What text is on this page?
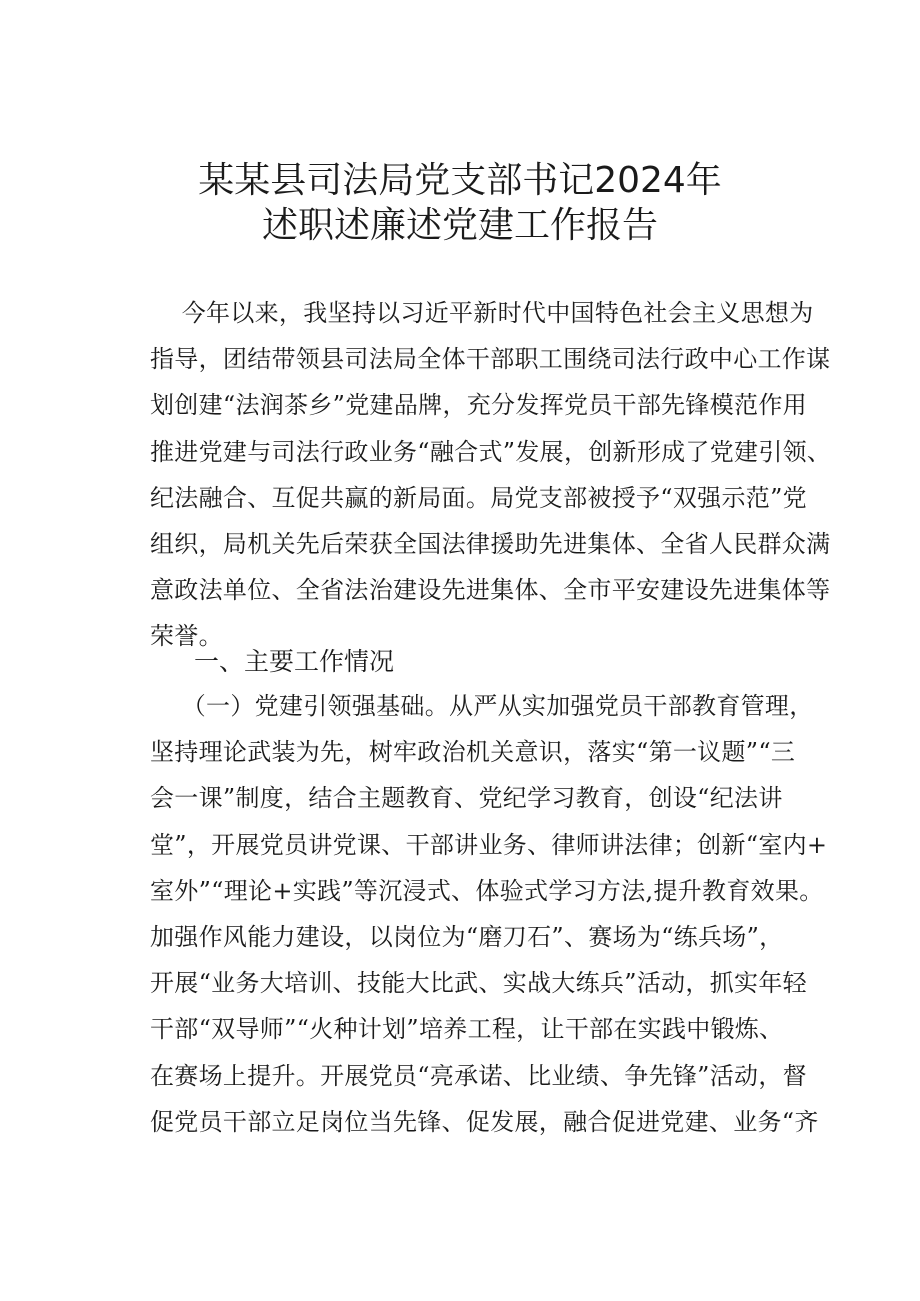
某某县司法局党支部书记2024年
述职述廉述党建工作报告
今年以来，我坚持以习近平新时代中国特色社会主义思想为
指导，团结带领县司法局全体干部职工围绕司法行政中心工作谋
划创建“法润茶乡”党建品牌，充分发挥党员干部先锋模范作用
推进党建与司法行政业务“融合式”发展，创新形成了党建引领、
纪法融合、互促共赢的新局面。局党支部被授予“双强示范”党
组织，局机关先后荣获全国法律援助先进集体、全省人民群众满
意政法单位、全省法治建设先进集体、全市平安建设先进集体等
荣誉。
一、主要工作情况
（一）党建引领强基础。从严从实加强党员干部教育管理，
坚持理论武装为先，树牢政治机关意识，落实“第一议题”“三
会一课”制度，结合主题教育、党纪学习教育，创设“纪法讲
堂”，开展党员讲党课、干部讲业务、律师讲法律；创新“室内+
室外”“理论+实践”等沉浸式、体验式学习方法,提升教育效果。
加强作风能力建设，以岗位为“磨刀石”、赛场为“练兵场”，
开展“业务大培训、技能大比武、实战大练兵”活动，抓实年轻
干部“双导师”“火种计划”培养工程，让干部在实践中锻炼、
在赛场上提升。开展党员“亮承诺、比业绩、争先锋”活动，督
促党员干部立足岗位当先锋、促发展，融合促进党建、业务“齐
